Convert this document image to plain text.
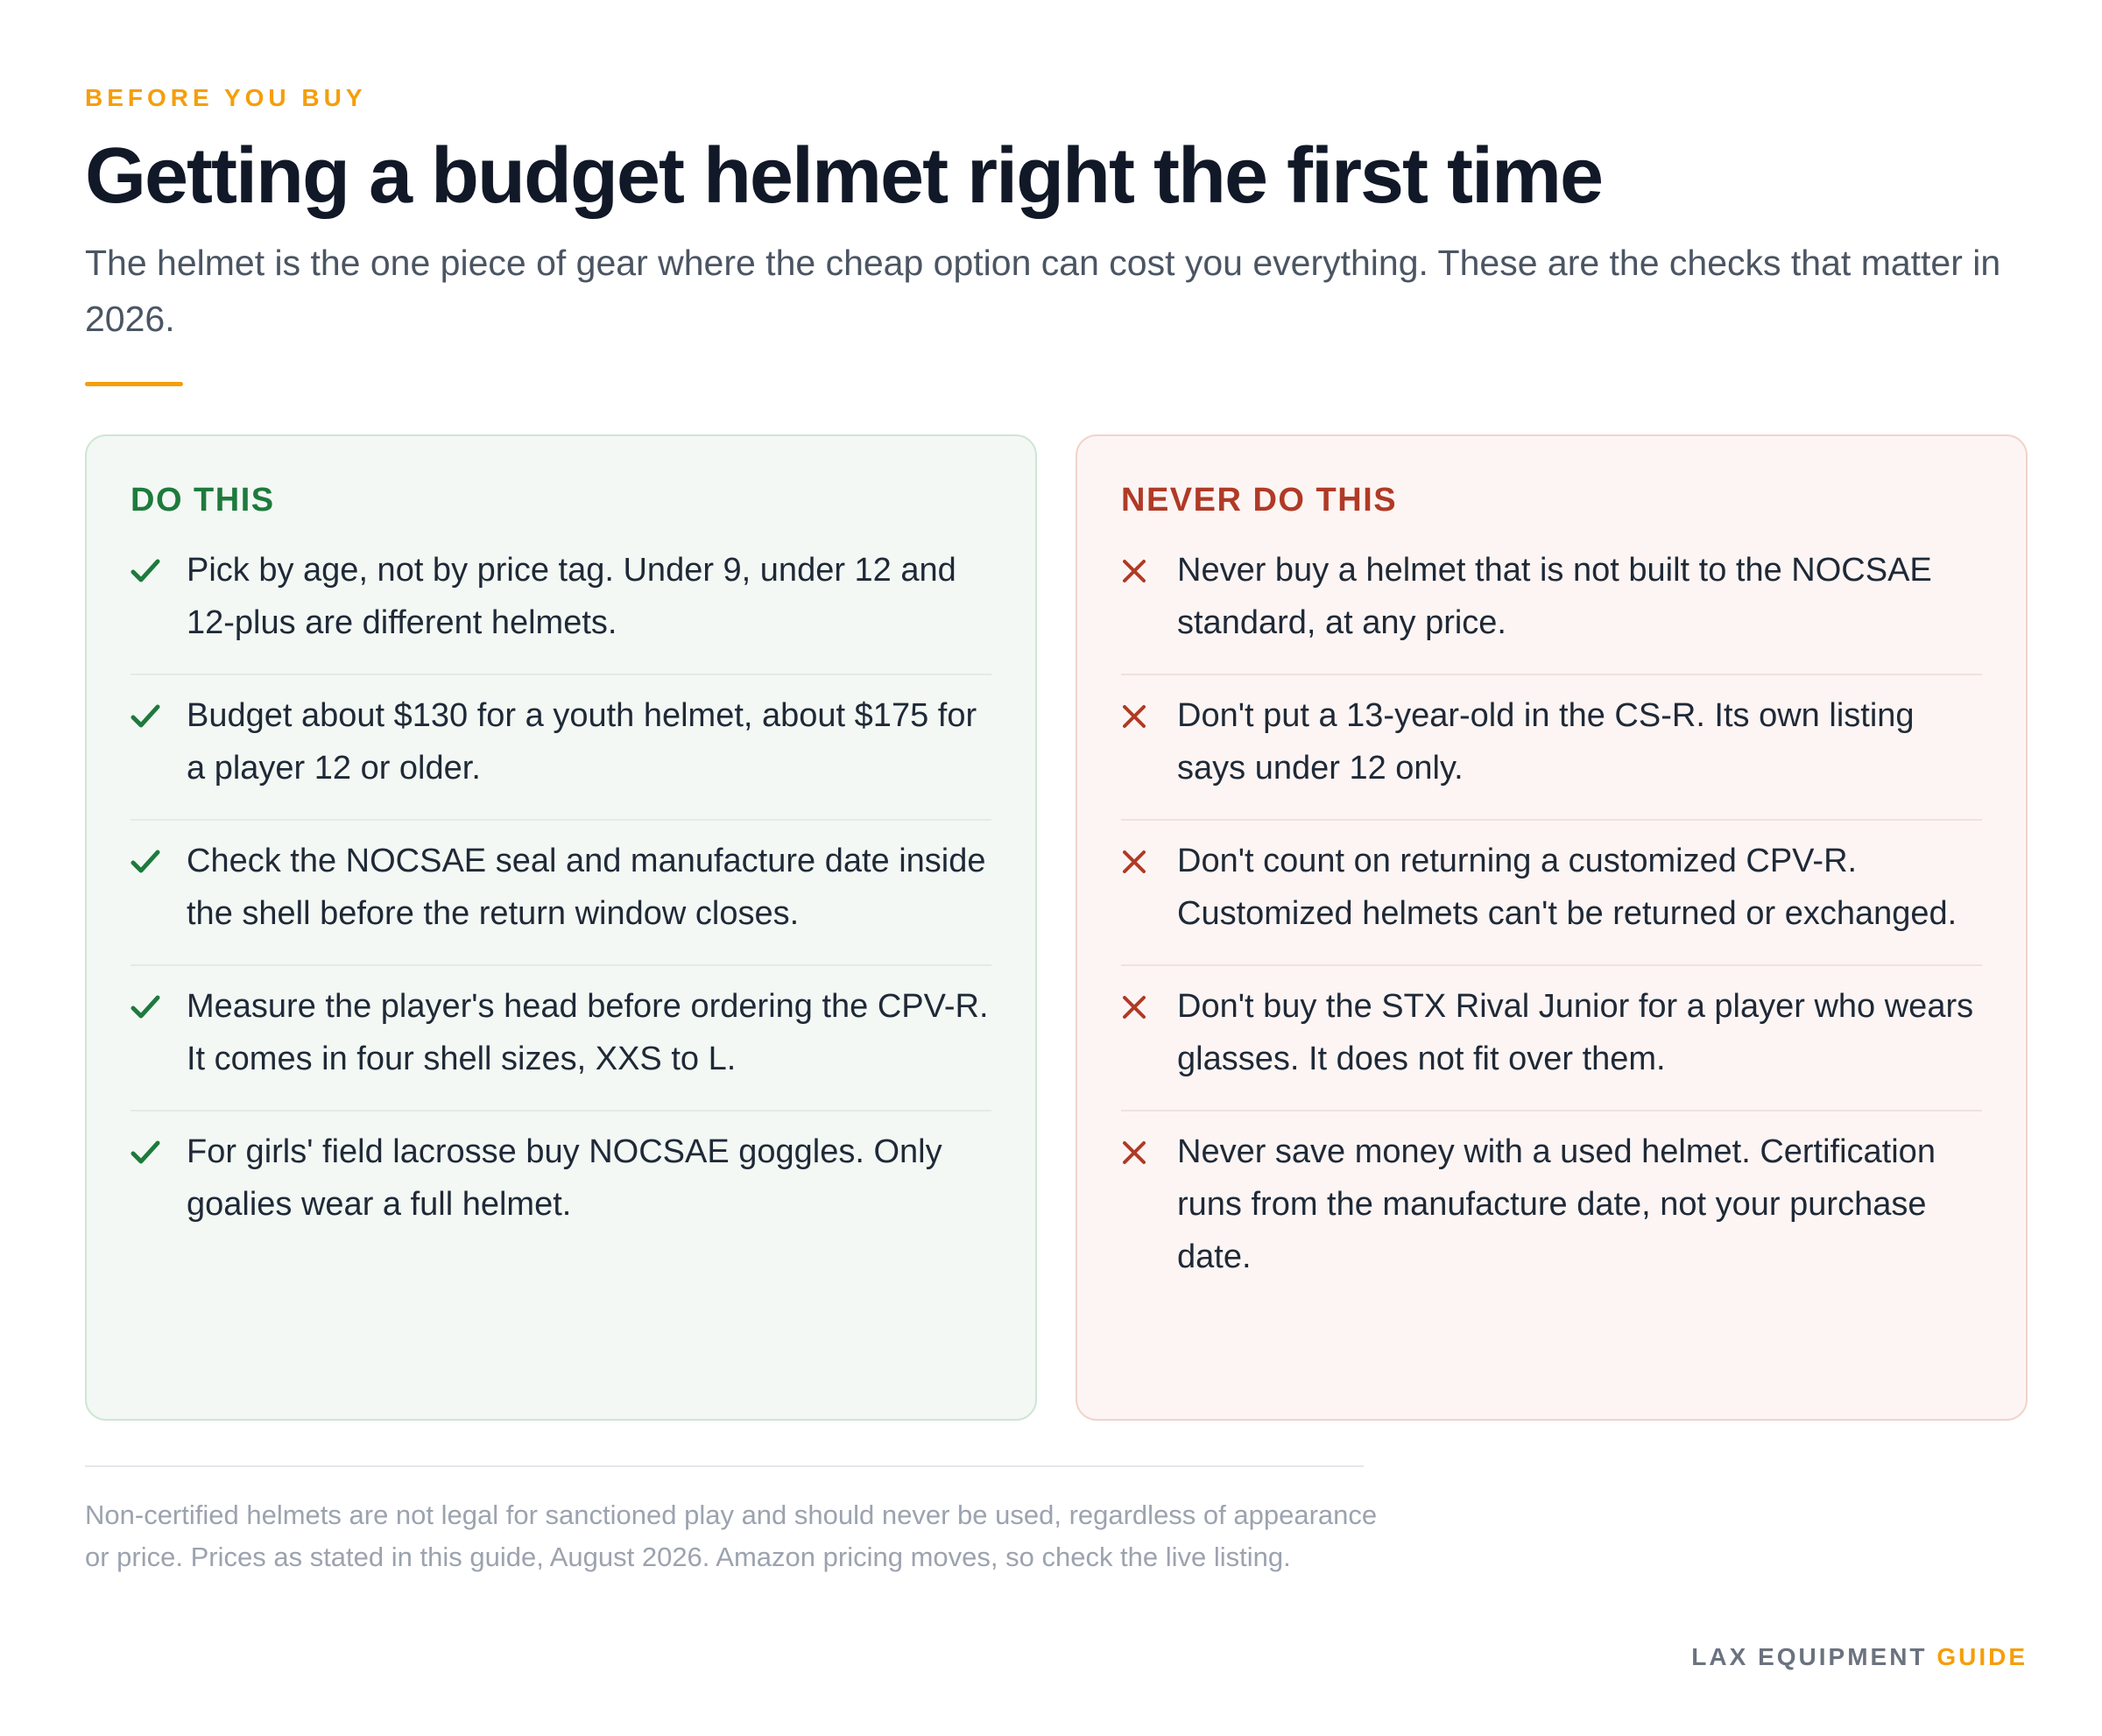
BEFORE YOU BUY
Getting a budget helmet right the first time

The helmet is the one piece of gear where the cheap option can cost you everything. These are the checks that matter in 2026.

DO THIS
Pick by age, not by price tag. Under 9, under 12 and 12-plus are different helmets.
Budget about $130 for a youth helmet, about $175 for a player 12 or older.
Check the NOCSAE seal and manufacture date inside the shell before the return window closes.
Measure the player's head before ordering the CPV-R. It comes in four shell sizes, XXS to L.
For girls' field lacrosse buy NOCSAE goggles. Only goalies wear a full helmet.
NEVER DO THIS
Never buy a helmet that is not built to the NOCSAE standard, at any price.
Don't put a 13-year-old in the CS-R. Its own listing says under 12 only.
Don't count on returning a customized CPV-R. Customized helmets can't be returned or exchanged.
Don't buy the STX Rival Junior for a player who wears glasses. It does not fit over them.
Never save money with a used helmet. Certification runs from the manufacture date, not your purchase date.

Non-certified helmets are not legal for sanctioned play and should never be used, regardless of appearance or price. Prices as stated in this guide, August 2026. Amazon pricing moves, so check the live listing.

LAX EQUIPMENT GUIDE
